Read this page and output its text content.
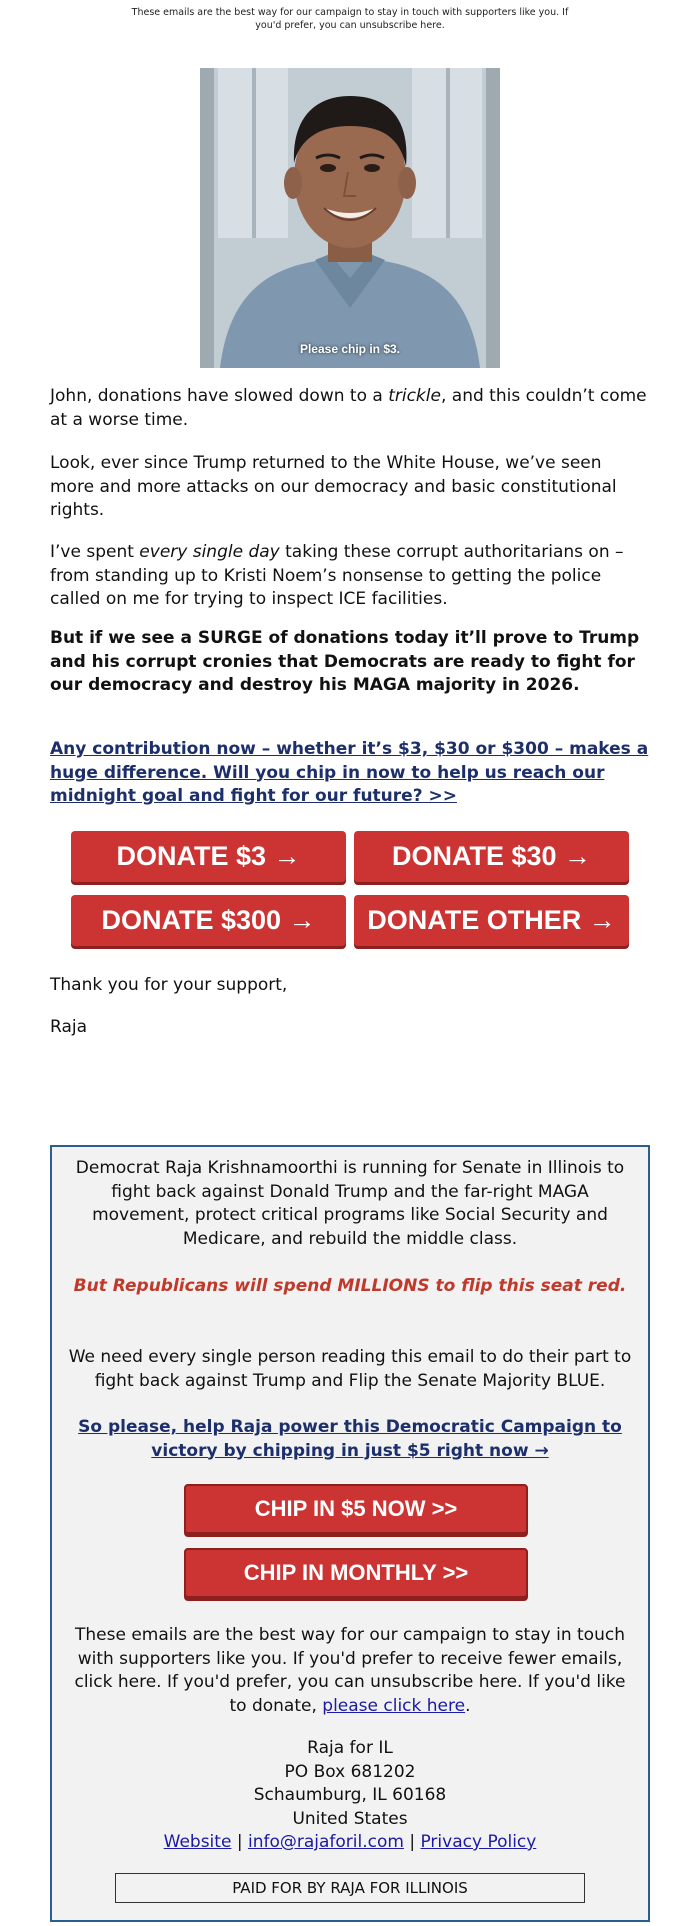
These emails are the best way for our campaign to stay in touch with supporters like you. If you'd prefer, you can unsubscribe here.
Please chip in $3.

John, donations have slowed down to a trickle, and this couldn’t come at a worse time.

Look, ever since Trump returned to the White House, we’ve seen more and more attacks on our democracy and basic constitutional rights.

I’ve spent every single day taking these corrupt authoritarians on – from standing up to Kristi Noem’s nonsense to getting the police called on me for trying to inspect ICE facilities.

But if we see a SURGE of donations today it’ll prove to Trump and his corrupt cronies that Democrats are ready to fight for our democracy and destroy his MAGA majority in 2026.

Any contribution now – whether it’s $3, $30 or $300 – makes a huge difference. Will you chip in now to help us reach our midnight goal and fight for our future? >>

DONATE $3 →	DONATE $30 →
DONATE $300 →	DONATE OTHER →

Thank you for your support,

Raja

Democrat Raja Krishnamoorthi is running for Senate in Illinois to fight back against Donald Trump and the far-right MAGA movement, protect critical programs like Social Security and Medicare, and rebuild the middle class.

But Republicans will spend MILLIONS to flip this seat red.

We need every single person reading this email to do their part to fight back against Trump and Flip the Senate Majority BLUE.

So please, help Raja power this Democratic Campaign to victory by chipping in just $5 right now →

CHIP IN $5 NOW >>
CHIP IN MONTHLY >>

These emails are the best way for our campaign to stay in touch with supporters like you. If you'd prefer to receive fewer emails, click here. If you'd prefer, you can unsubscribe here. If you'd like to donate, please click here.

Raja for IL
PO Box 681202
Schaumburg, IL 60168
United States

Website | info@rajaforil.com | Privacy Policy

PAID FOR BY RAJA FOR ILLINOIS
